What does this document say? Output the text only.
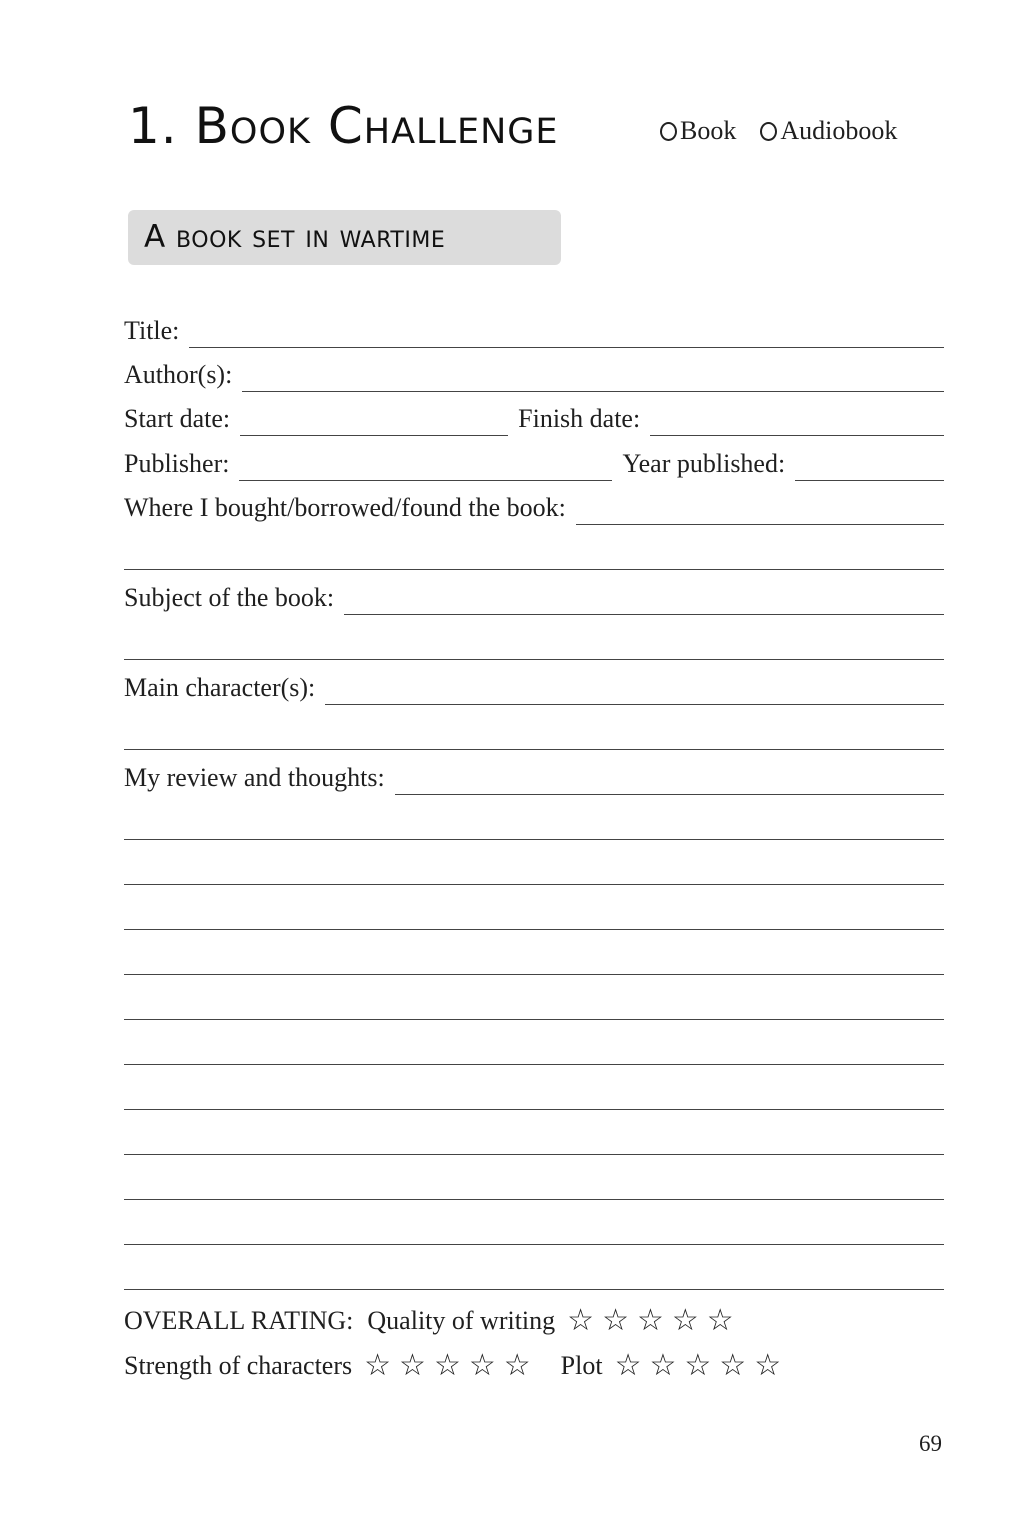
1. Book Challenge	Book Audiobook
A book set in wartime
Title:
Author(s):
Start date:	Finish date:
Publisher:	Year published:
Where I bought/borrowed/found the book:
Subject of the book:
Main character(s):
My review and thoughts:
OVERALL RATING: Quality of writing ☆ ☆ ☆ ☆ ☆
Strength of characters ☆ ☆ ☆ ☆ ☆ Plot ☆ ☆ ☆ ☆ ☆
69
